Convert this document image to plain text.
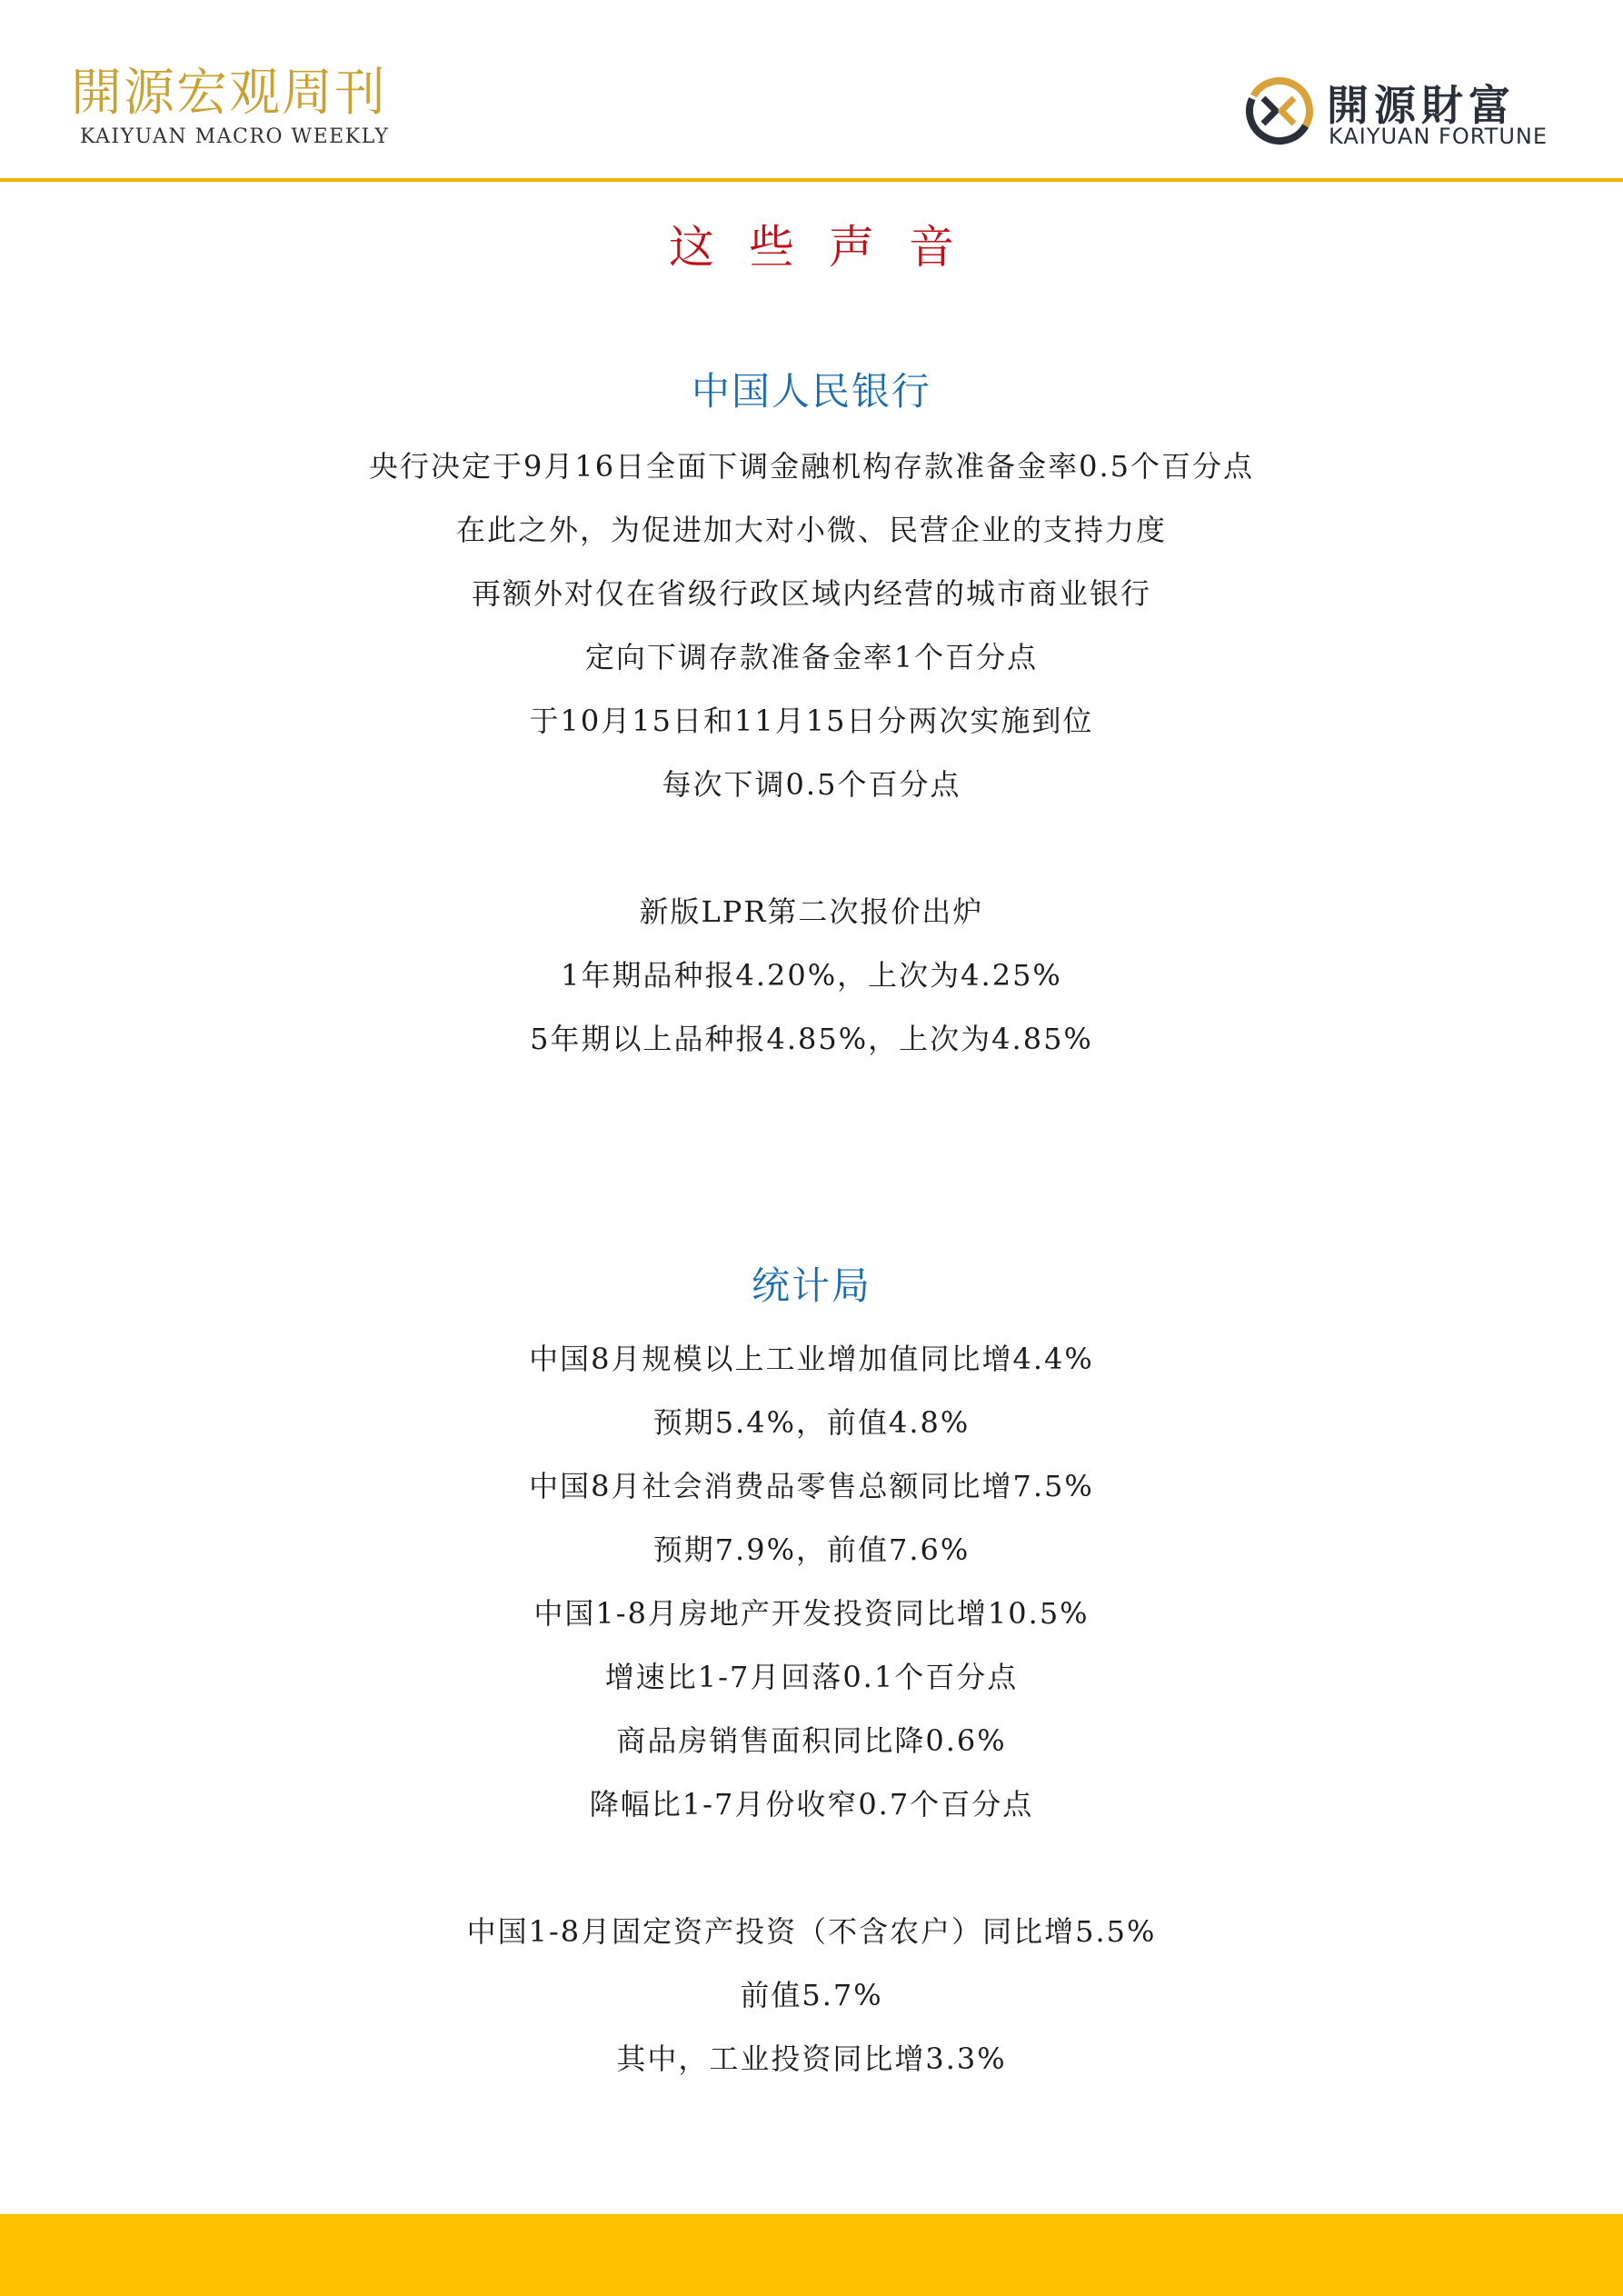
開源宏观周刊
KAIYUAN MACRO WEEKLY
開源財富
KAIYUAN FORTUNE
这些声音
中国人民银行
央行决定于9月16日全面下调金融机构存款准备金率0.5个百分点
在此之外，为促进加大对小微、民营企业的支持力度
再额外对仅在省级行政区域内经营的城市商业银行
定向下调存款准备金率1个百分点
于10月15日和11月15日分两次实施到位
每次下调0.5个百分点
新版LPR第二次报价出炉
1年期品种报4.20%，上次为4.25%
5年期以上品种报4.85%，上次为4.85%
统计局
中国8月规模以上工业增加值同比增4.4%
预期5.4%，前值4.8%
中国8月社会消费品零售总额同比增7.5%
预期7.9%，前值7.6%
中国1-8月房地产开发投资同比增10.5%
增速比1-7月回落0.1个百分点
商品房销售面积同比降0.6%
降幅比1-7月份收窄0.7个百分点
中国1-8月固定资产投资（不含农户）同比增5.5%
前值5.7%
其中，工业投资同比增3.3%
